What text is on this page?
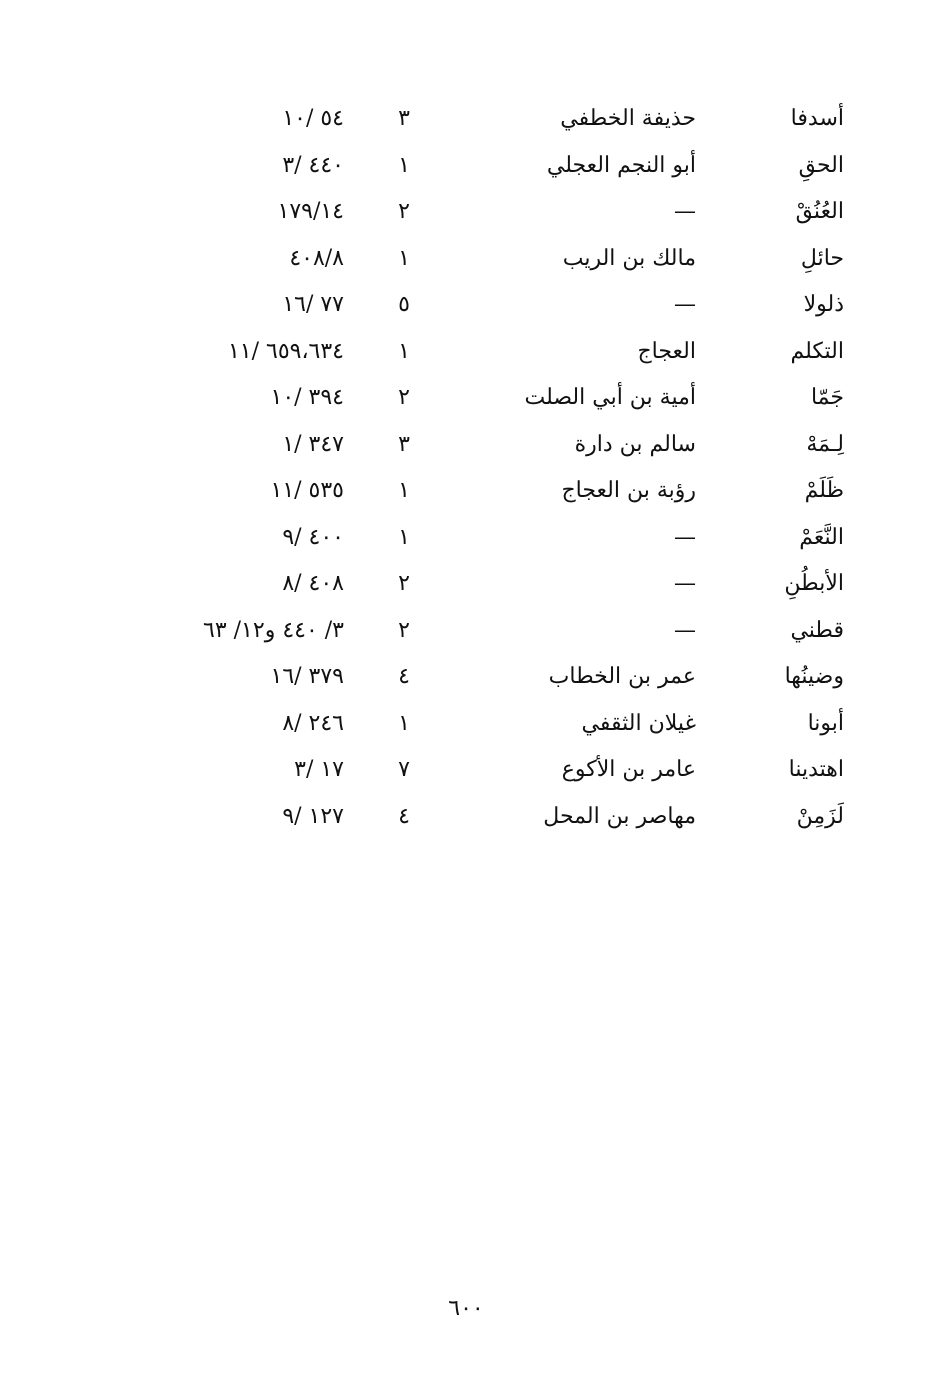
أسدفا
حذيفة الخطفي
٣
٥٤ /١٠
الحقِ
أبو النجم العجلي
١
٤٤٠ /٣
العُنُقْ
—
٢
١٧٩/١٤
حائلِ
مالك بن الريب
١
٤٠٨/٨
ذلولا
—
٥
٧٧ /١٦
التكلم
العجاج
١
٦٥٩،٦٣٤ /١١
جَمّا
أمية بن أبي الصلت
٢
٣٩٤ /١٠
لِـمَهْ
سالم بن دارة
٣
٣٤٧ /١
ظَلَمْ
رؤبة بن العجاج
١
٥٣٥ /١١
النَّعَمْ
—
١
٤٠٠ /٩
الأبطُنِ
—
٢
٤٠٨ /٨
قطني
—
٢
٣/ ٤٤٠ و١٢/ ٦٣
وضينُها
عمر بن الخطاب
٤
٣٧٩ /١٦
أبونا
غيلان الثقفي
١
٢٤٦ /٨
اهتدينا
عامر بن الأكوع
٧
١٧ /٣
لَزَمِنْ
مهاصر بن المحل
٤
١٢٧ /٩
٦٠٠
